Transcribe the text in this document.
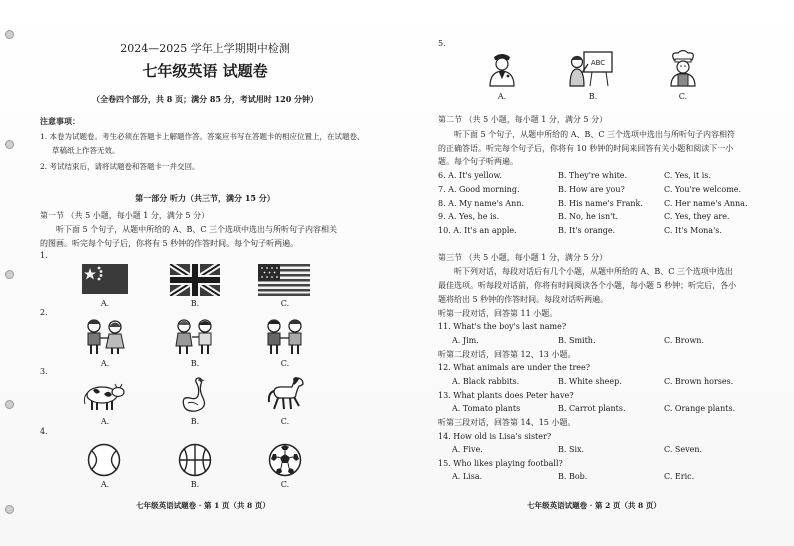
2024—2025 学年上学期期中检测
七年级英语 试题卷
（全卷四个部分，共 8 页；满分 85 分，考试用时 120 分钟）
注意事项：
1. 本卷为试题卷。考生必须在答题卡上解题作答。答案应书写在答题卡的相应位置上，在试题卷、
草稿纸上作答无效。
2. 考试结束后，请将试题卷和答题卡一并交回。
第一部分 听力（共三节，满分 15 分）
第一节 （共 5 小题，每小题 1 分，满分 5 分）
听下面 5 个句子，从题中所给的 A、B、C 三个选项中选出与所听句子内容相关
的图画。听完每个句子后，你将有 5 秒钟的作答时间。每个句子听两遍。
1.
A.	B.	C.
2.
A.	B.	C.
3.
A.	B.	C.
4.
A.	B.	C.
七年级英语试题卷 · 第 1 页（共 8 页）
5.
ABC
A.	B.	C.
第二节 （共 5 小题，每小题 1 分，满分 5 分）
听下面 5 个句子，从题中所给的 A、B、C 三个选项中选出与所听句子内容相符
的正确答语。听完每个句子后，你将有 10 秒钟的时间来回答有关小题和阅读下一小
题。每个句子听两遍。
6. A. It's yellow.	B. They're white.	C. Yes, it is.
7. A. Good morning.	B. How are you?	C. You're welcome.
8. A. My name's Ann.	B. His name's Frank.	C. Her name's Anna.
9. A. Yes, he is.	B. No, he isn't.	C. Yes, they are.
10. A. It's an apple.	B. It's orange.	C. It's Mona's.
第三节 （共 5 小题，每小题 1 分，满分 5 分）
听下列对话，每段对话后有几个小题，从题中所给的 A、B、C 三个选项中选出
最佳选项。听每段对话前，你将有时间阅读各个小题，每小题 5 秒钟；听完后，各小
题将给出 5 秒钟的作答时间。每段对话听两遍。
听第一段对话，回答第 11 小题。
11. What's the boy's last name?
A. Jim.	B. Smith.	C. Brown.
听第二段对话，回答第 12、13 小题。
12. What animals are under the tree?
A. Black rabbits.	B. White sheep.	C. Brown horses.
13. What plants does Peter have?
A. Tomato plants	B. Carrot plants.	C. Orange plants.
听第三段对话，回答第 14、15 小题。
14. How old is Lisa's sister?
A. Five.	B. Six.	C. Seven.
15. Who likes playing football?
A. Lisa.	B. Bob.	C. Eric.
七年级英语试题卷 · 第 2 页（共 8 页）
